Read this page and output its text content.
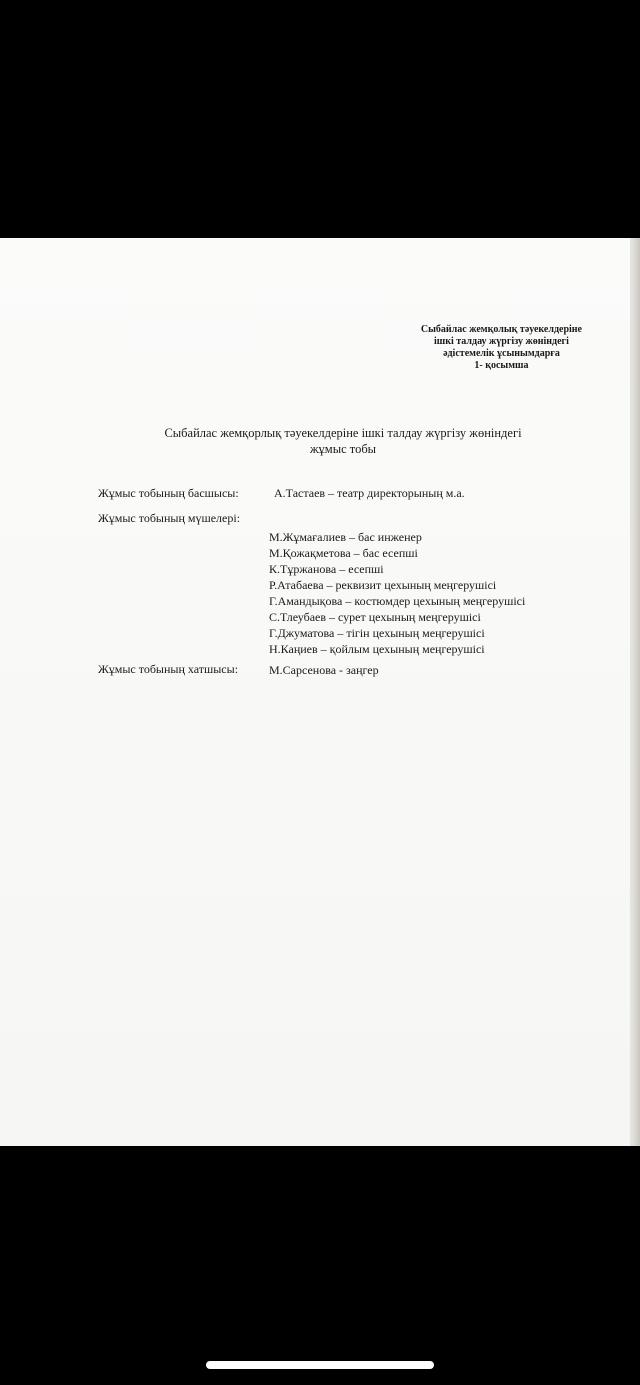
Сыбайлас жемқолық тәуекелдеріне
ішкі талдау жүргізу жөніндегі
әдістемелік ұсынымдарға
1- қосымша
Сыбайлас жемқорлық тәуекелдеріне ішкі талдау жүргізу жөніндегі
жұмыс тобы
Жұмыс тобының басшысы:	А.Тастаев – театр директорының м.а.
Жұмыс тобының мүшелері:
М.Жұмағалиев – бас инженер
М.Қожақметова – бас есепші
К.Тұржанова – есепші
Р.Атабаева – реквизит цехының меңгерушісі
Г.Амандықова – костюмдер цехының меңгерушісі
С.Тлеубаев – сурет цехының меңгерушісі
Г.Джуматова – тігін цехының меңгерушісі
Н.Каңиев – қойлым цехының меңгерушісі
Жұмыс тобының хатшысы:	М.Сарсенова - заңгер
